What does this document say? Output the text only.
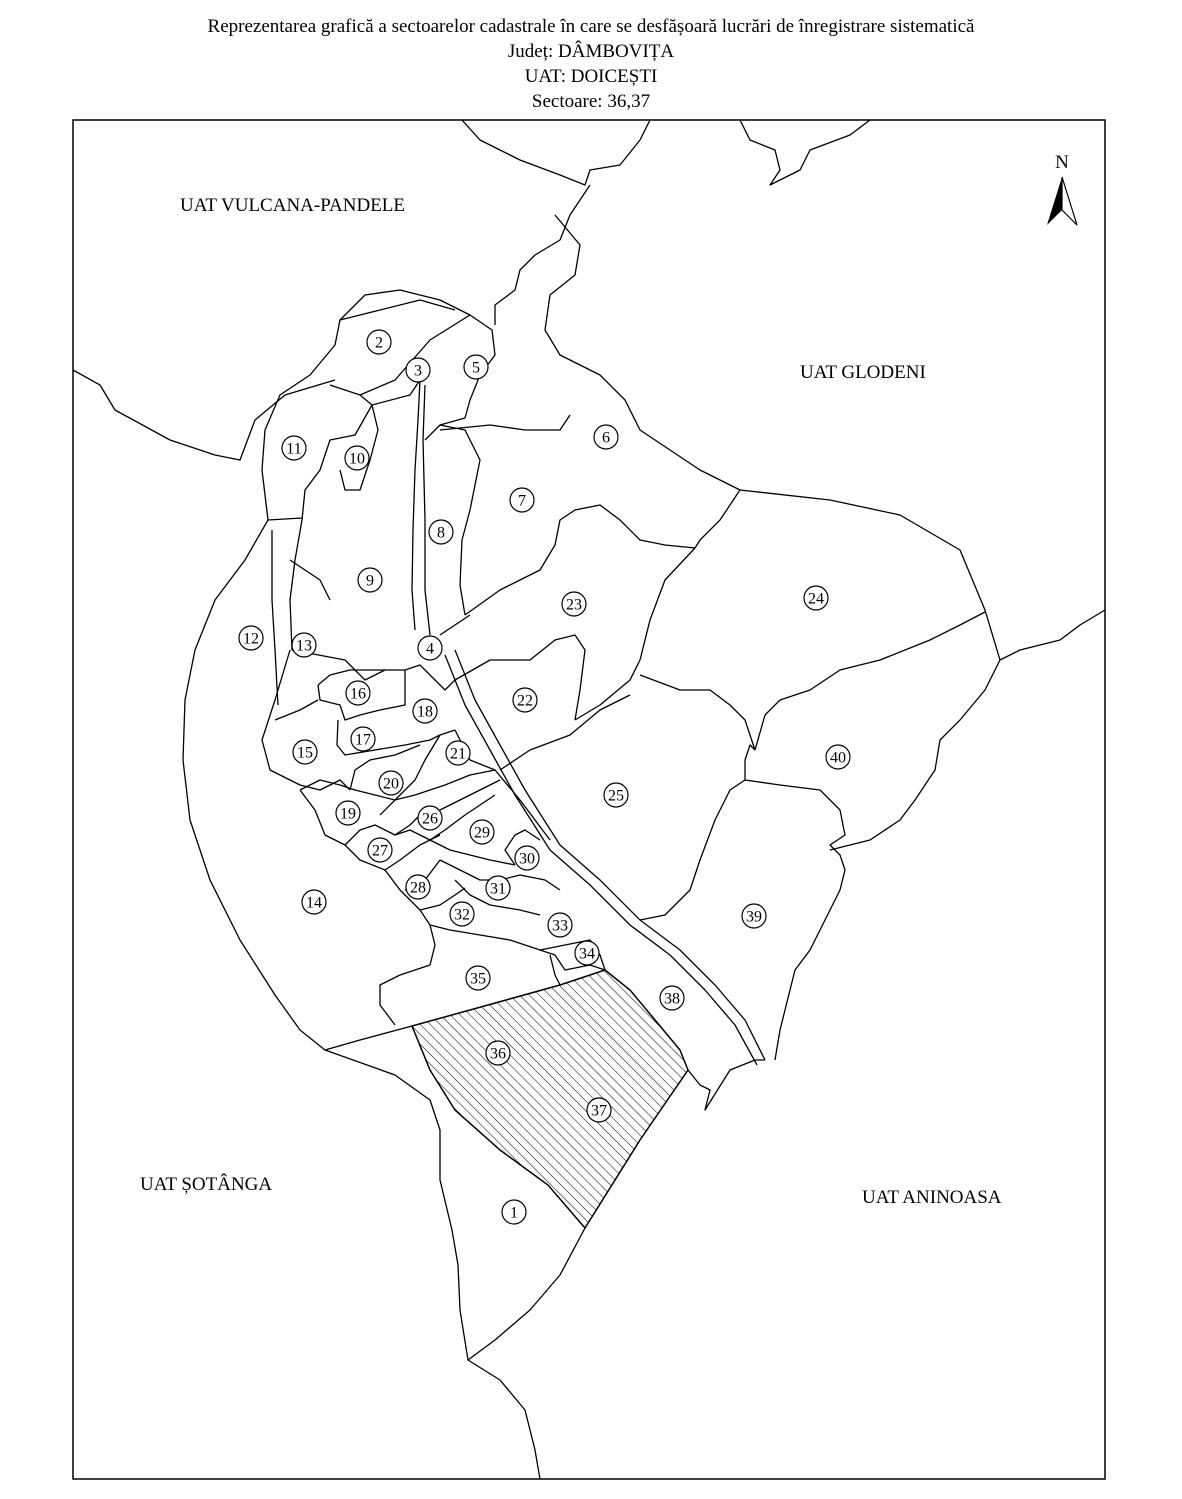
Reprezentarea grafică a sectoarelor cadastrale în care se desfășoară lucrări de înregistrare sistematică
Județ: DÂMBOVIȚA
UAT: DOICEȘTI
Sectoare: 36,37
N
UAT VULCANA-PANDELE
UAT GLODENI
UAT ȘOTÂNGA
UAT ANINOASA
1
2
3
4
5
6
7
8
9
10
11
12 13
14
15
16
17
18
19
20
21
22
23	24
25
26
27
28
29
30
31
32
33
34
35
36
37
38
39
40
